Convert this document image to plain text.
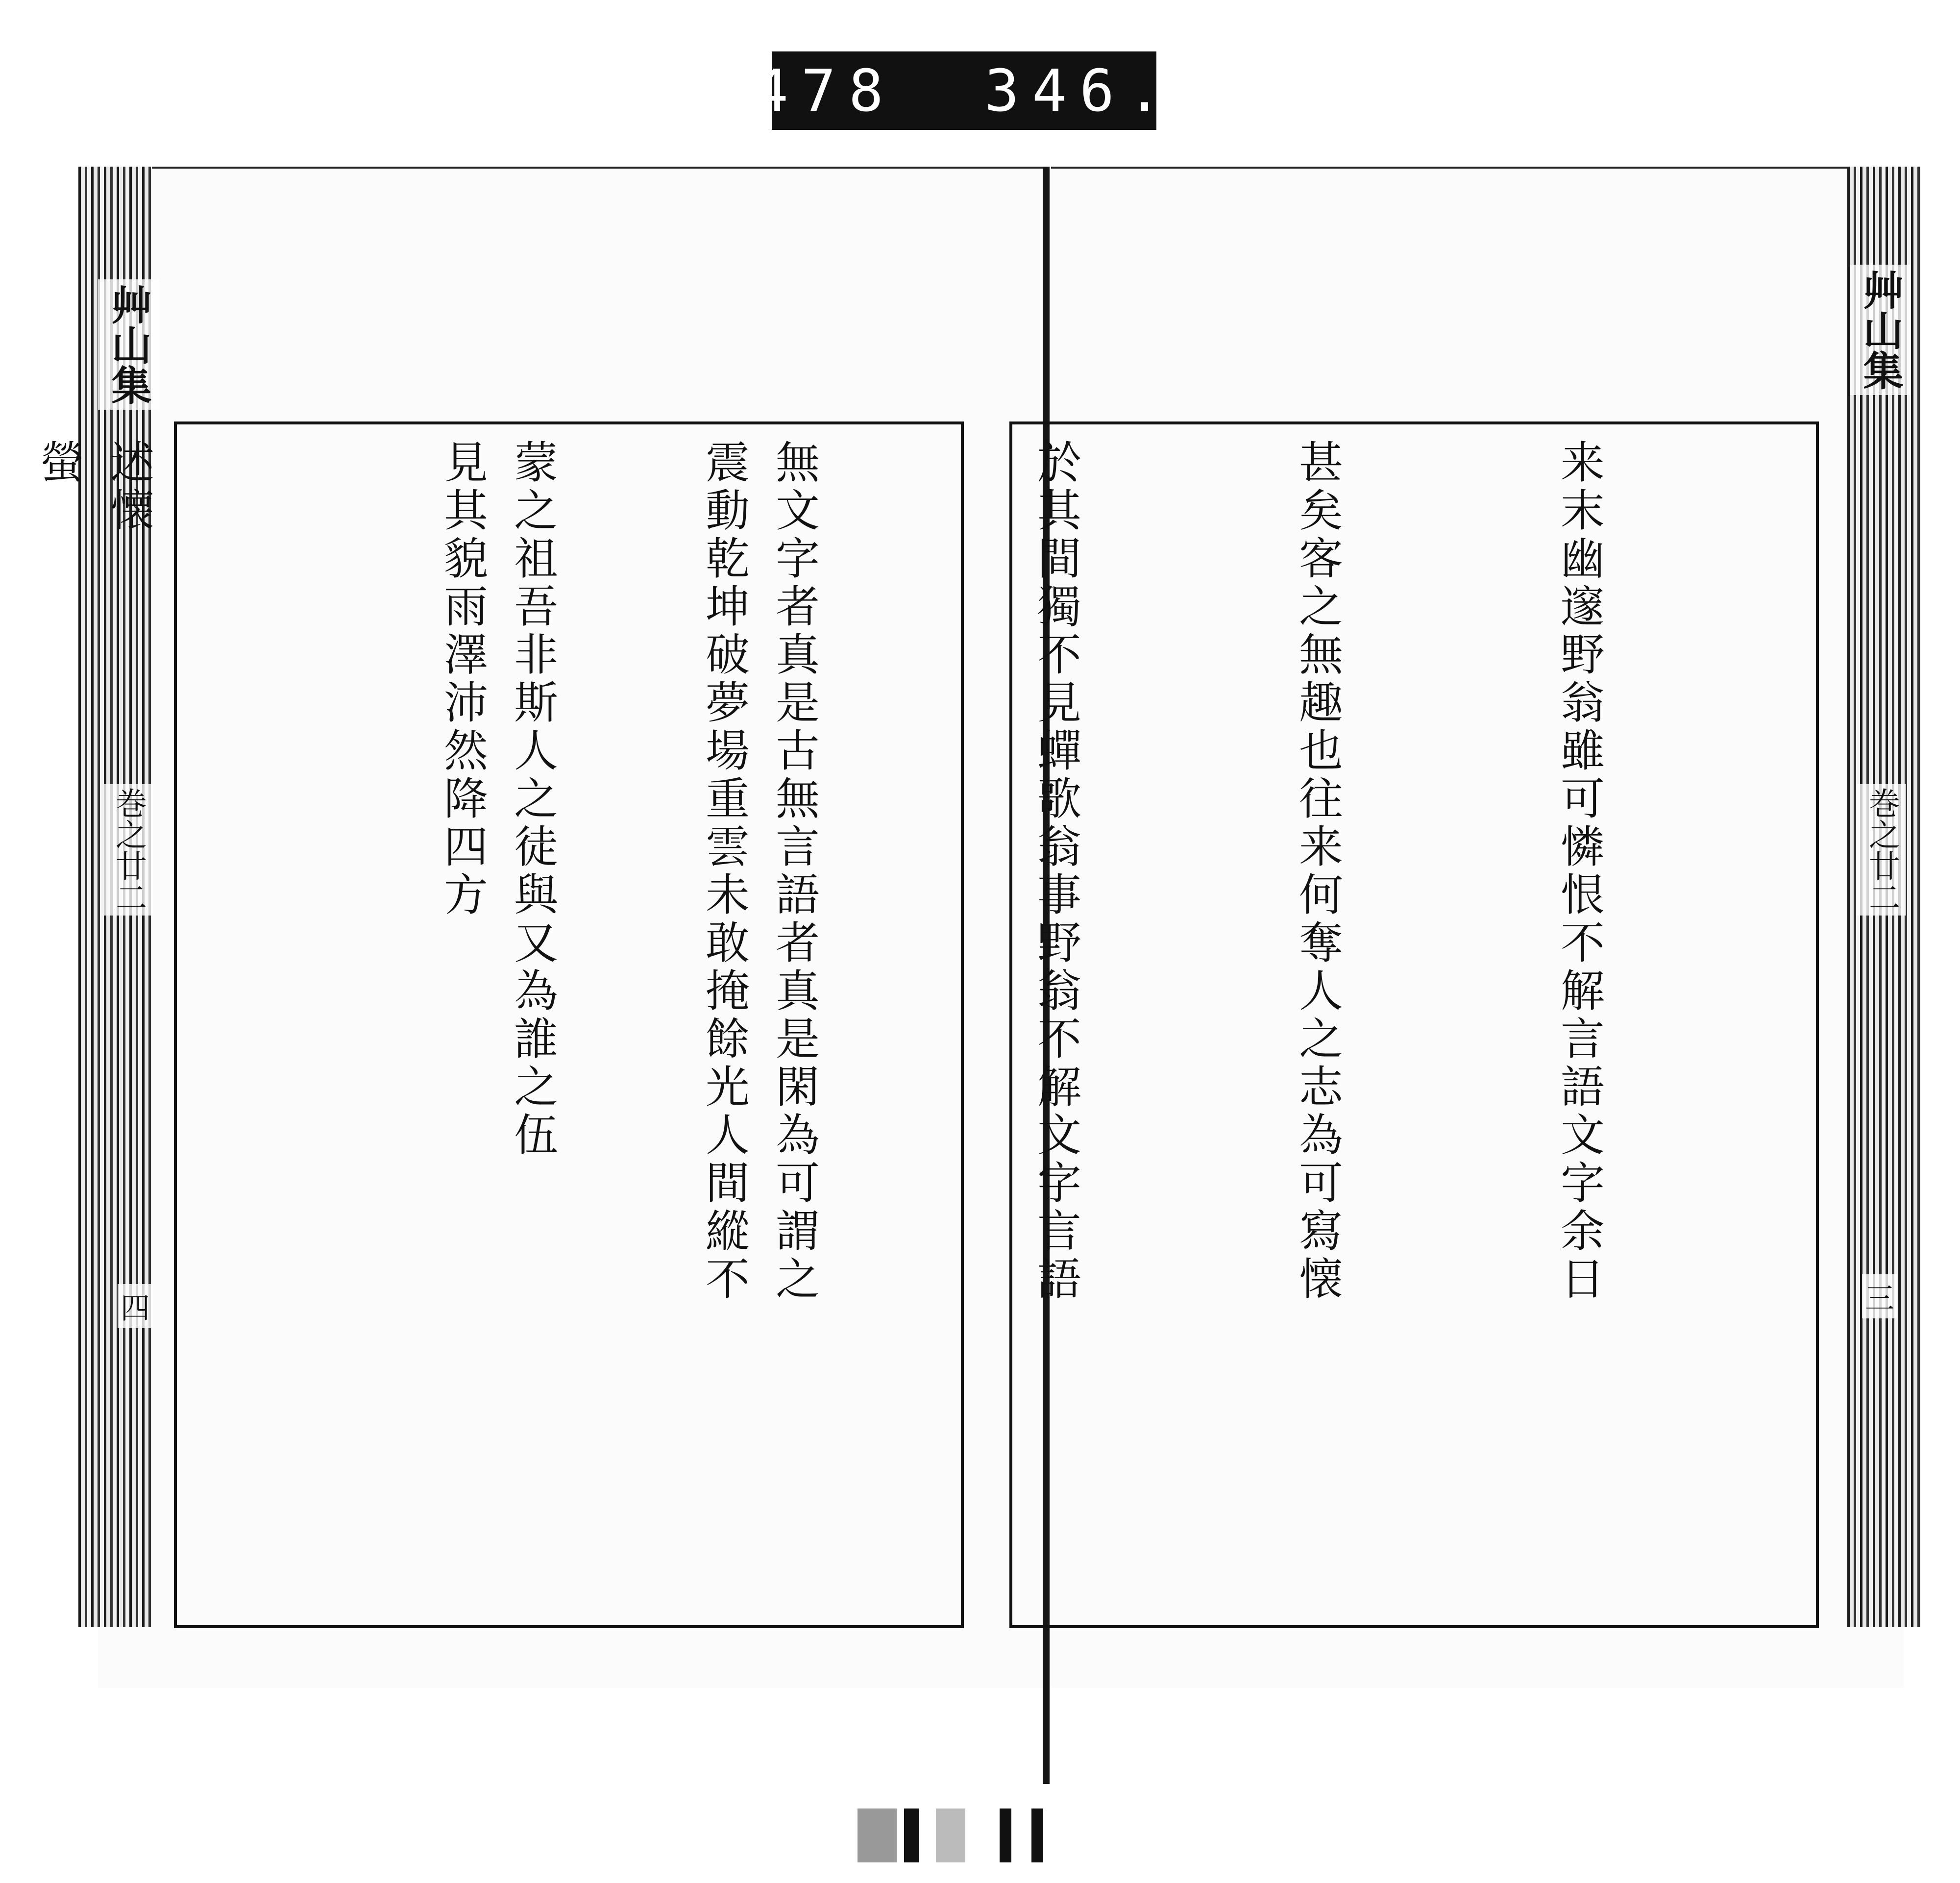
478 346.
艸山集
巻之廿二
四
艸山集
巻之廿二
三

来末幽邃野翁雖可憐恨不解言語文字余日

甚矣客之無趣也往来何奪人之志為可寫懐

於其間獨不見蟬歌翁事野翁不解文字言語

無文字者真是古無言語者真是閑為可謂之

蒙之祖吾非斯人之徒與又為誰之伍

述懐

	震動乾坤破夢場重雲未敢掩餘光人間縱不

見其貌雨澤沛然降四方

螢
